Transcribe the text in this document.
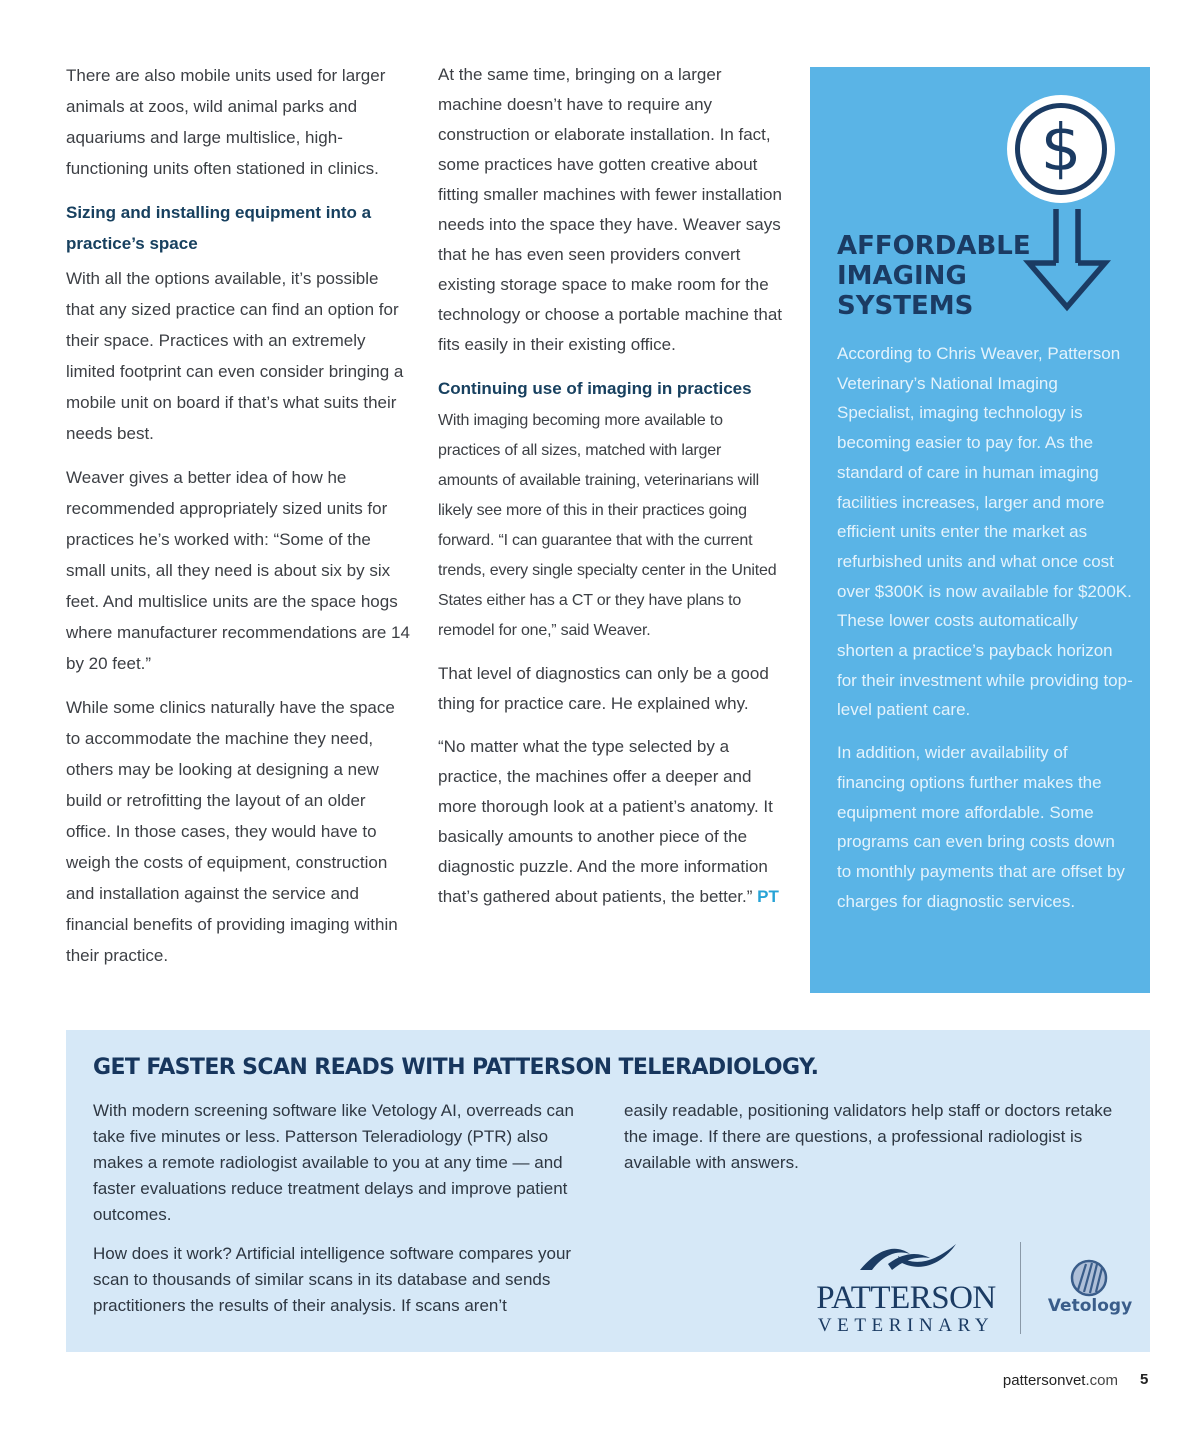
There are also mobile units used for larger animals at zoos, wild animal parks and aquariums and large multislice, high-functioning units often stationed in clinics.

Sizing and installing equipment into a practice’s space

With all the options available, it’s possible that any sized practice can find an option for their space. Practices with an extremely limited footprint can even consider bringing a mobile unit on board if that’s what suits their needs best.

Weaver gives a better idea of how he recommended appropriately sized units for practices he’s worked with: “Some of the small units, all they need is about six by six feet. And multislice units are the space hogs where manufacturer recommendations are 14 by 20 feet.”

While some clinics naturally have the space to accommodate the machine they need, others may be looking at designing a new build or retrofitting the layout of an older office. In those cases, they would have to weigh the costs of equipment, construction and installation against the service and financial benefits of providing imaging within their practice.

At the same time, bringing on a larger machine doesn’t have to require any construction or elaborate installation. In fact, some practices have gotten creative about fitting smaller machines with fewer installation needs into the space they have. Weaver says that he has even seen providers convert existing storage space to make room for the technology or choose a portable machine that fits easily in their existing office.

Continuing use of imaging in practices

With imaging becoming more available to practices of all sizes, matched with larger amounts of available training, veterinarians will likely see more of this in their practices going forward. “I can guarantee that with the current trends, every single specialty center in the United States either has a CT or they have plans to remodel for one,” said Weaver.

That level of diagnostics can only be a good thing for practice care. He explained why.

“No matter what the type selected by a practice, the machines offer a deeper and more thorough look at a patient’s anatomy. It basically amounts to another piece of the diagnostic puzzle. And the more information that’s gathered about patients, the better.” PT

$
AFFORDABLE
IMAGING
SYSTEMS

According to Chris Weaver, Patterson Veterinary’s National Imaging Specialist, imaging technology is becoming easier to pay for. As the standard of care in human imaging facilities increases, larger and more efficient units enter the market as refurbished units and what once cost over $300K is now available for $200K. These lower costs automatically shorten a practice’s payback horizon for their investment while providing top-level patient care.

In addition, wider availability of financing options further makes the equipment more affordable. Some programs can even bring costs down to monthly payments that are offset by charges for diagnostic services.

GET FASTER SCAN READS WITH PATTERSON TELERADIOLOGY.

With modern screening software like Vetology AI, overreads can take five minutes or less. Patterson Teleradiology (PTR) also makes a remote radiologist available to you at any time — and faster evaluations reduce treatment delays and improve patient outcomes.

How does it work? Artificial intelligence software compares your scan to thousands of similar scans in its database and sends practitioners the results of their analysis. If scans aren’t

easily readable, positioning validators help staff or doctors retake the image. If there are questions, a professional radiologist is available with answers.

PATTERSON
VETERINARY
Vetology
pattersonvet.com 5
